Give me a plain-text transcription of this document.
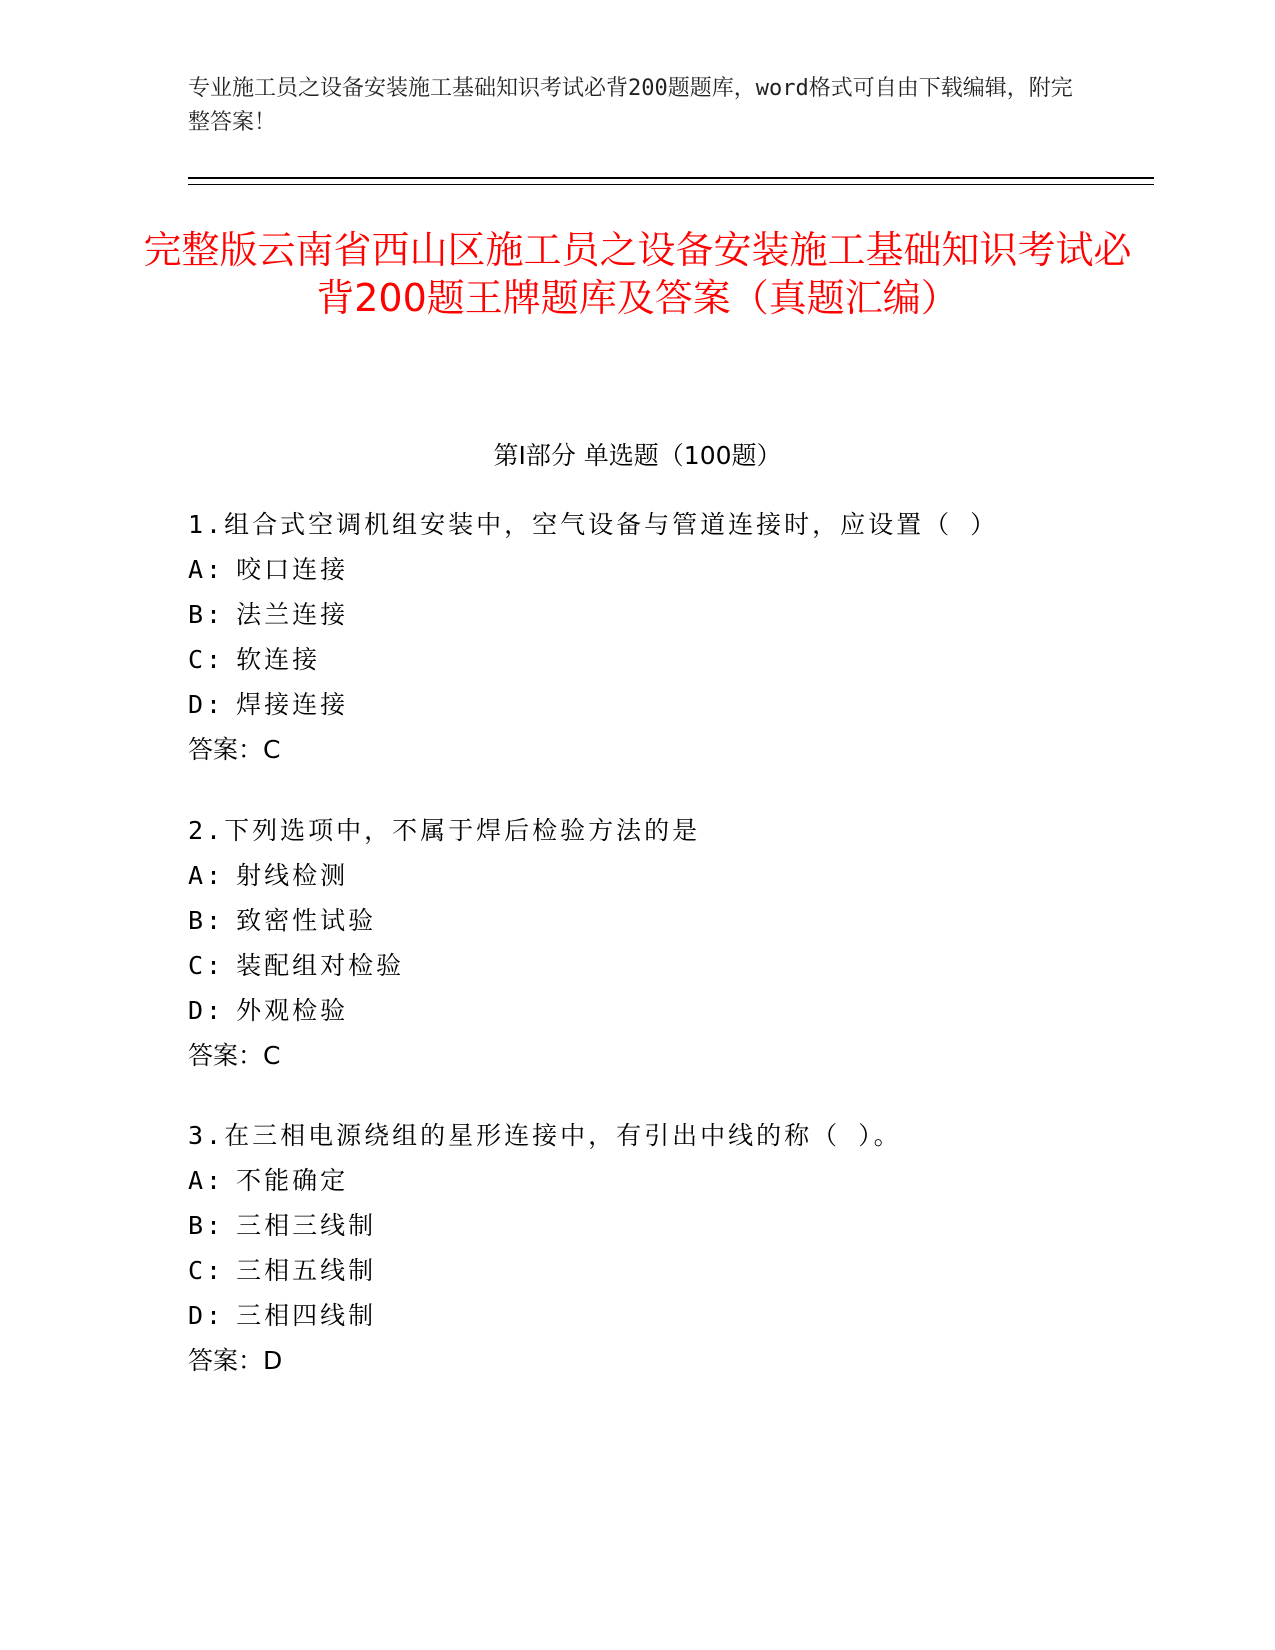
专业施工员之设备安装施工基础知识考试必背200题题库，word格式可自由下载编辑，附完整答案！
完整版云南省西山区施工员之设备安装施工基础知识考试必背200题王牌题库及答案（真题汇编）
第Ⅰ部分 单选题（100题）
1.组合式空调机组安装中，空气设备与管道连接时，应设置（ ）
A: 咬口连接
B: 法兰连接
C: 软连接
D: 焊接连接
答案：C
2.下列选项中，不属于焊后检验方法的是
A: 射线检测
B: 致密性试验
C: 装配组对检验
D: 外观检验
答案：C
3.在三相电源绕组的星形连接中，有引出中线的称（ ）。
A: 不能确定
B: 三相三线制
C: 三相五线制
D: 三相四线制
答案：D
